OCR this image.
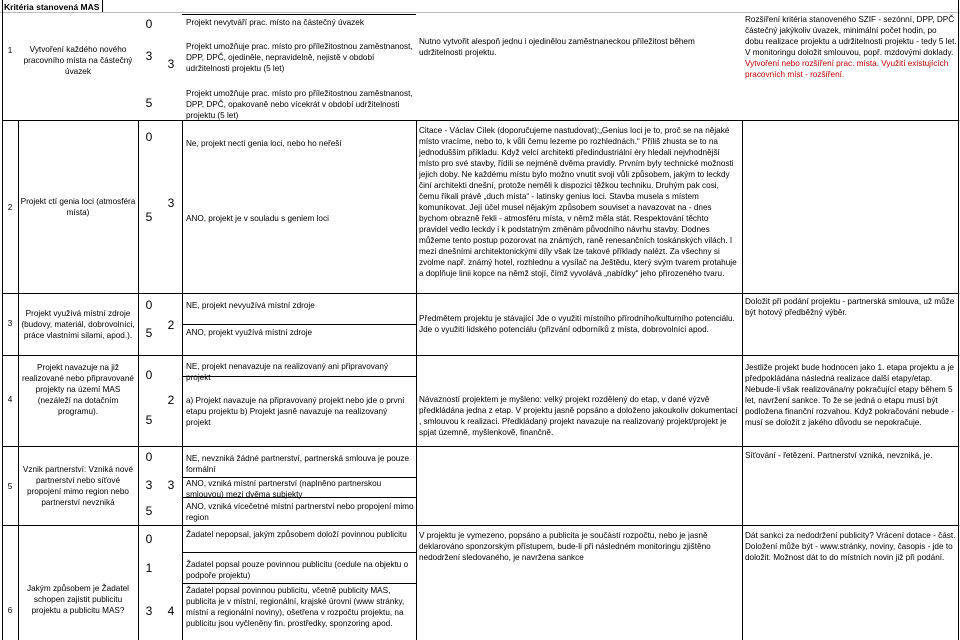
Kritéria stanovená MAS
1	Vytvoření každého nového pracovního místa na částečný úvazek
0
3
5
3
Projekt nevytváří prac. místo na částečný úvazek
Projekt umožňuje prac. místo pro příležitostnou zaměstnanost, DPP, DPČ, ojediněle, nepravidelně, nejistě v období udržitelnosti projektu (5 let)
Projekt umožňuje prac. místo pro příležitostnou zaměstnanost, DPP, DPČ, opakovaně nebo vícekrát v období udržitelnosti projektu (5 let)
Nutno vytvořit alespoň jednu i ojedinělou zaměstnaneckou příležitost během udržitelnosti projektu.
Rozšíření kritéria stanoveného SZIF - sezónní, DPP, DPČ částečný jakýkoliv úvazek, minimální počet hodin, po dobu realizace projektu a udržitelnosti projektu - tedy 5 let.
V monitoringu doložit smlouvou, popř. mzdovými doklady.
Vytvoření nebo rozšíření prac. místa. Využití existujících pracovních míst - rozšíření.
2
Projekt ctí genia loci (atmosféra místa)
0
5
3
Ne, projekt nectí genia loci, nebo ho neřeší
ANO, projekt je v souladu s geniem loci
Citace - Václav Cílek (doporučujeme nastudovat):„Genius loci je to, proč se na nějaké místo vracíme, nebo to, k vůli čemu lezeme po rozhlednách.“ Příliš zhusta se to na jednodušším příkladu. Když velcí architekti předindustriální éry hledali nejvhodnější místo pro své stavby, řídili se nejméně dvěma pravidly. Prvním byly technické možnosti jejich doby. Ne každému místu bylo možno vnutit svoji vůli způsobem, jakým to leckdy činí architekti dnešní, protože neměli k dispozici těžkou techniku. Druhým pak cosi, čemu říkali právě „duch místa“ - latinsky genius loci. Stavba musela s místem komunikovat. Její účel musel nějakým způsobem souviset a navazovat na - dnes bychom obrazně řekli - atmosféru místa, v němž měla stát. Respektování těchto pravidel vedlo leckdy i k podstatným změnám původního návrhu stavby. Dodnes můžeme tento postup pozorovat na známých, raně renesančních toskánských vilách. I mezi dnešními architektonickými díly však lze takové příklady nalézt. Za všechny si zvolme např. známý hotel, rozhlednu a vysílač na Ještědu, který svým tvarem protahuje a doplňuje linii kopce na němž stojí, čímž vyvolává „nabídky“ jeho přirozeného tvaru.
3
Projekt využívá místní zdroje (budovy, materiál, dobrovolníci, práce vlastními silami, apod.).
0
5
2
NE, projekt nevyužívá místní zdroje
ANO, projekt využívá místní zdroje
Předmětem projektu je stávající Jde o využití místního přírodního/kulturního potenciálu. Jde o využití lidského potenciálu (přizvání odborníků z místa, dobrovolníci apod.
Doložit při podání projektu - partnerská smlouva, už může být hotový předběžný výběr.
4
Projekt navazuje na již realizované nebo připravované projekty na území MAS (nezáleží na dotačním programu).
0
5
2
NE, projekt nenavazuje na realizovaný ani připravovaný projekt
a) Projekt navazuje na připravovaný projekt nebo jde o první etapu projektu b) Projekt jasně navazuje na realizovaný projekt
Návazností projektem je myšleno: velký projekt rozdělený do etap, v dané výzvě předkládána jedna z etap. V projektu jasně popsáno a doloženo jakoukoliv dokumentací , smlouvou k realizaci. Předkládaný projekt navazuje na realizovaný projekt/projekt je spjat územně, myšlenkově, finančně.
Jestliže projekt bude hodnocen jako 1. etapa projektu a je předpokládána následná realizace další etapy/etap. Nebude-li však realizována/ny pokračující etapy během 5 let, navržení sankce. To že se jedná o etapu musí být podložena finanční rozvahou. Když pokračování nebude - musí se doložit z jakého důvodu se nepokračuje.
5
Vznik partnerství: Vzniká nové partnerství nebo síťové propojení mimo region nebo partnerství nevzniká
0
3
5
3
NE, nevzniká žádné partnerství, partnerská smlouva je pouze formální
ANO, vzniká místní partnerství (naplněno partnerskou smlouvou) mezi dvěma subjekty
ANO, vzniká vícečetné místní partnerství nebo propojení mimo region
Síťování - řetězení. Partnerství vzniká, nevzniká, je.
6
Jakým způsobem je Žadatel schopen zajistit publicitu projektu a publicitu MAS?
0
1
3	4
Žadatel nepopsal, jakým způsobem doloží povinnou publicitu
Žadatel popsal pouze povinnou publicitu (cedule na objektu o podpoře projektu)
Žadatel popsal povinnou publicitu, včetně publicity MAS, publicita je v místní, regionální, krajské úrovni (www stránky, místní a regionální noviny), ošetřena v rozpočtu projektu, na publicitu jsou vyčleněny fin. prostředky, sponzoring apod.
V projektu je vymezeno, popsáno a publicita je součástí rozpočtu, nebo je jasně deklarováno sponzorským přístupem, bude-li při následném monitoringu zjištěno nedodržení sledovaného, je navržena sankce
Dát sankci za nedodržení publicity? Vrácení dotace - část. Doložení může být - www.stránky, noviny, časopis - jde to doložit. Možnost dát to do místních novin již při podání.
